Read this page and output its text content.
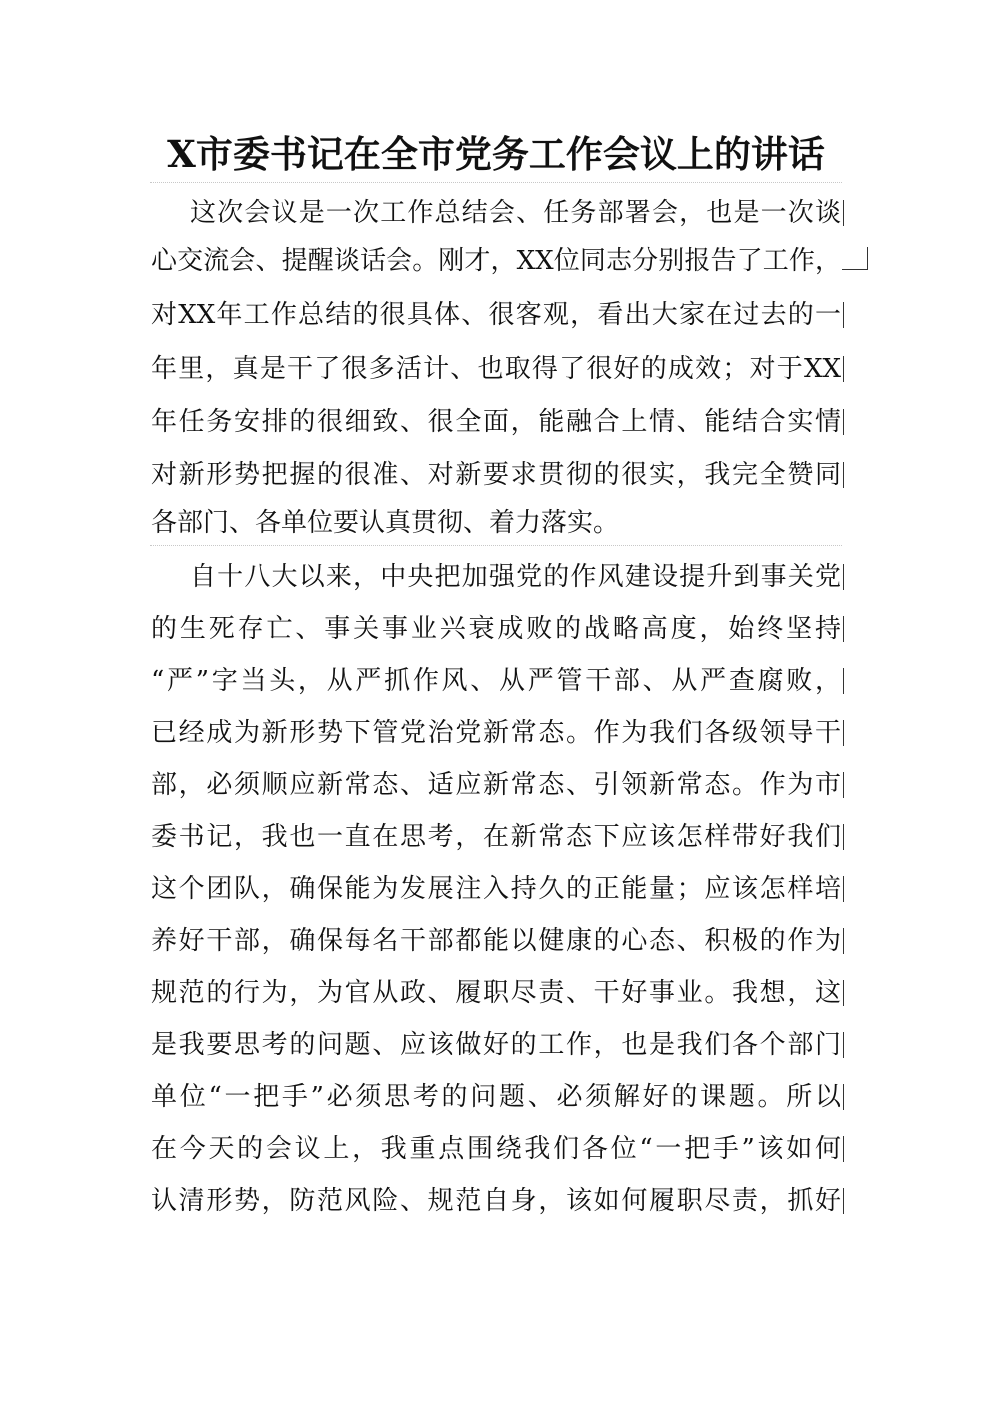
X市委书记在全市党务工作会议上的讲话
这次会议是一次工作总结会、任务部署会，也是一次谈
心交流会、提醒谈话会。刚才，XX位同志分别报告了工作，
对XX年工作总结的很具体、很客观，看出大家在过去的一
年里，真是干了很多活计、也取得了很好的成效；对于XX
年任务安排的很细致、很全面，能融合上情、能结合实情
对新形势把握的很准、对新要求贯彻的很实，我完全赞同
各部门、各单位要认真贯彻、着力落实。
自十八大以来，中央把加强党的作风建设提升到事关党
的生死存亡、事关事业兴衰成败的战略高度，始终坚持
“严”字当头，从严抓作风、从严管干部、从严查腐败，
已经成为新形势下管党治党新常态。作为我们各级领导干
部，必须顺应新常态、适应新常态、引领新常态。作为市
委书记，我也一直在思考，在新常态下应该怎样带好我们
这个团队，确保能为发展注入持久的正能量；应该怎样培
养好干部，确保每名干部都能以健康的心态、积极的作为
规范的行为，为官从政、履职尽责、干好事业。我想，这
是我要思考的问题、应该做好的工作，也是我们各个部门
单位“一把手”必须思考的问题、必须解好的课题。所以
在今天的会议上，我重点围绕我们各位“一把手”该如何
认清形势，防范风险、规范自身，该如何履职尽责，抓好
